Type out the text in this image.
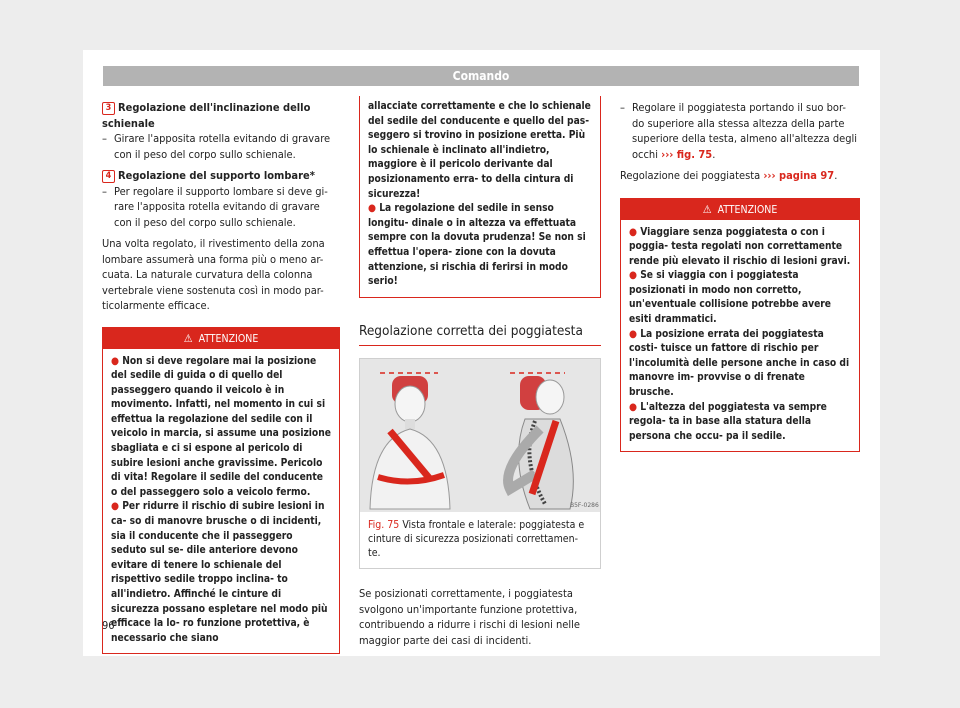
Comando
3 Regolazione dell'inclinazione dello schienale
– Girare l'apposita rotella evitando di gravare con il peso del corpo sullo schienale.
4 Regolazione del supporto lombare*
– Per regolare il supporto lombare si deve gi- rare l'apposita rotella evitando di gravare con il peso del corpo sullo schienale.

Una volta regolato, il rivestimento della zona lombare assumerà una forma più o meno ar- cuata. La naturale curvatura della colonna vertebrale viene sostenuta così in modo par- ticolarmente efficace.

⚠ ATTENZIONE

● Non si deve regolare mai la posizione del sedile di guida o di quello del passeggero quando il veicolo è in movimento. Infatti, nel momento in cui si effettua la regolazione del sedile con il veicolo in marcia, si assume una posizione sbagliata e ci si espone al pericolo di subire lesioni anche gravissime. Pericolo di vita! Regolare il sedile del conducente o del passeggero solo a veicolo fermo.

● Per ridurre il rischio di subire lesioni in ca- so di manovre brusche o di incidenti, sia il conducente che il passeggero seduto sul se- dile anteriore devono evitare di tenere lo schienale del rispettivo sedile troppo inclina- to all'indietro. Affinché le cinture di sicurezza possano espletare nel modo più efficace la lo- ro funzione protettiva, è necessario che siano

allacciate correttamente e che lo schienale del sedile del conducente e quello del pas- seggero si trovino in posizione eretta. Più lo schienale è inclinato all'indietro, maggiore è il pericolo derivante dal posizionamento erra- to della cintura di sicurezza!

● La regolazione del sedile in senso longitu- dinale o in altezza va effettuata sempre con la dovuta prudenza! Se non si effettua l'opera- zione con la dovuta attenzione, si rischia di ferirsi in modo serio!

Regolazione corretta dei poggiatesta
B5F-0286
Fig. 75 Vista frontale e laterale: poggiatesta e cinture di sicurezza posizionati correttamen- te.

Se posizionati correttamente, i poggiatesta svolgono un'importante funzione protettiva, contribuendo a ridurre i rischi di lesioni nelle maggior parte dei casi di incidenti.

– Regolare il poggiatesta portando il suo bor- do superiore alla stessa altezza della parte superiore della testa, almeno all'altezza degli occhi ››› fig. 75.

Regolazione dei poggiatesta ››› pagina 97.

⚠ ATTENZIONE

● Viaggiare senza poggiatesta o con i poggia- testa regolati non correttamente rende più elevato il rischio di lesioni gravi.

● Se si viaggia con i poggiatesta posizionati in modo non corretto, un'eventuale collisione potrebbe avere esiti drammatici.

● La posizione errata dei poggiatesta costi- tuisce un fattore di rischio per l'incolumità delle persone anche in caso di manovre im- provvise o di frenate brusche.

● L'altezza del poggiatesta va sempre regola- ta in base alla statura della persona che occu- pa il sedile.

96
